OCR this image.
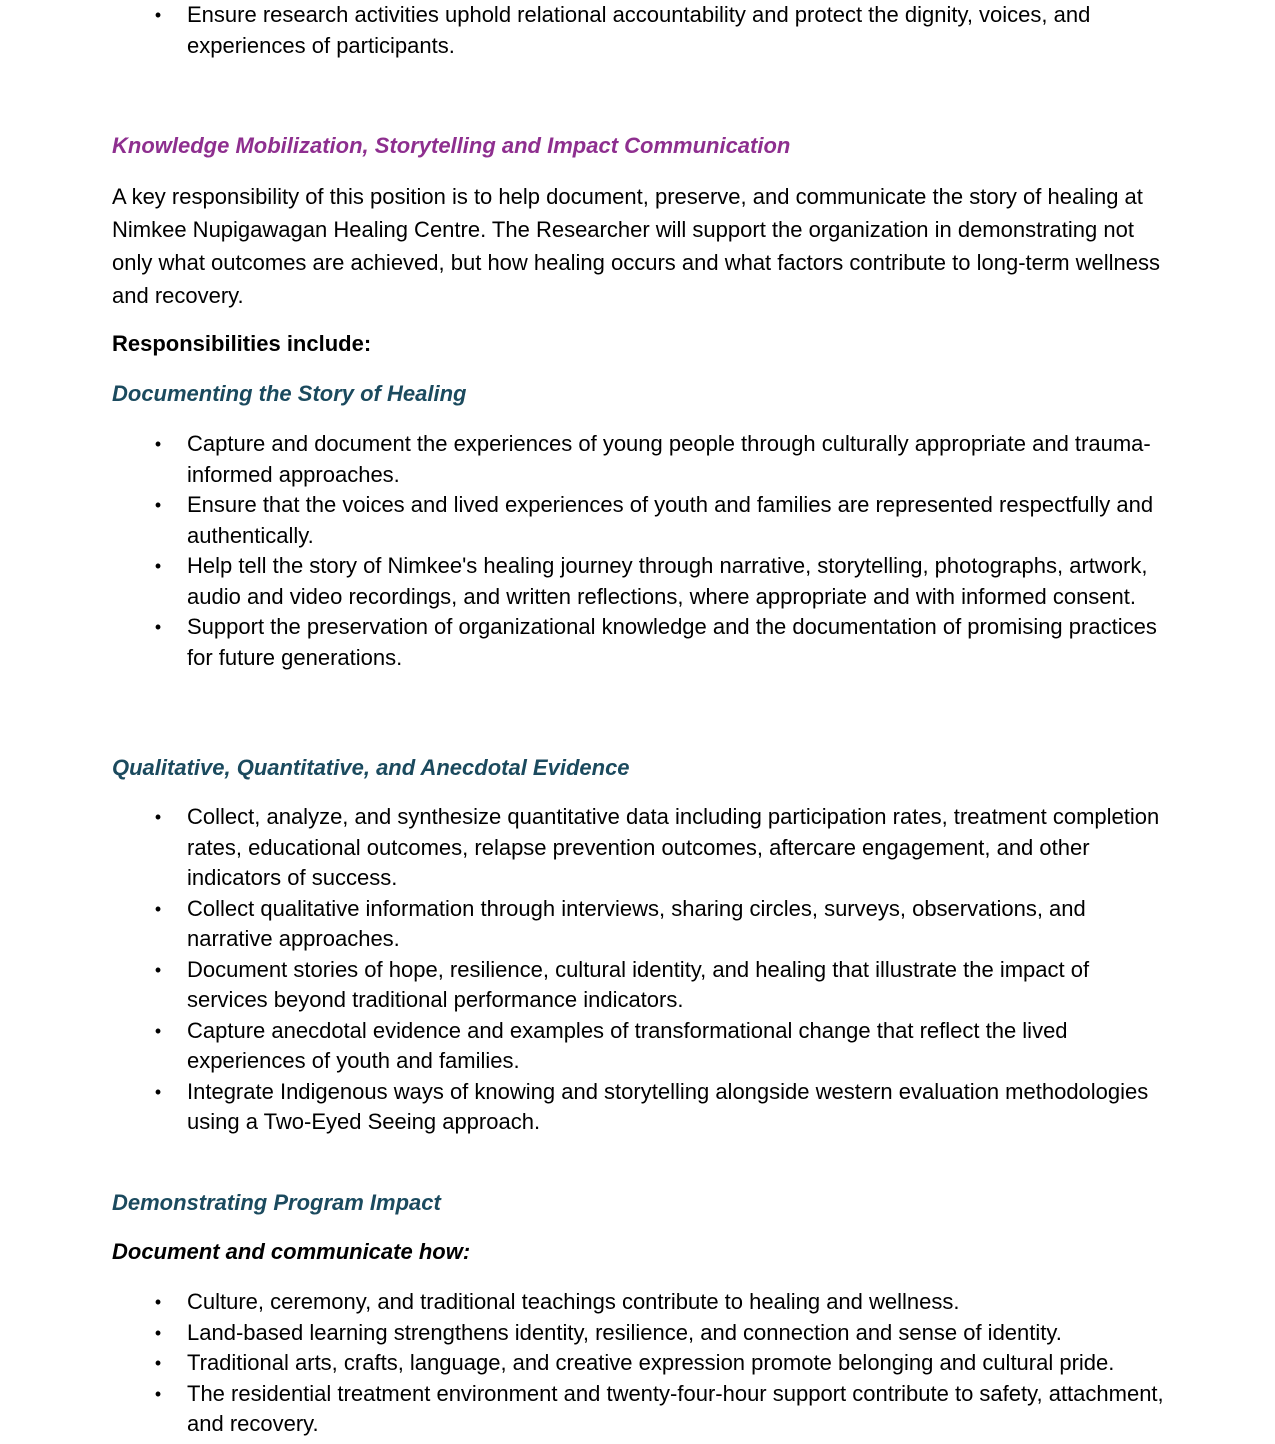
• Ensure research activities uphold relational accountability and protect the dignity, voices, and experiences of participants.
Knowledge Mobilization, Storytelling and Impact Communication

A key responsibility of this position is to help document, preserve, and communicate the story of healing at Nimkee Nupigawagan Healing Centre. The Researcher will support the organization in demonstrating not only what outcomes are achieved, but how healing occurs and what factors contribute to long-term wellness and recovery.

Responsibilities include:

Documenting the Story of Healing
• Capture and document the experiences of young people through culturally appropriate and trauma-informed approaches.
• Ensure that the voices and lived experiences of youth and families are represented respectfully and authentically.
• Help tell the story of Nimkee's healing journey through narrative, storytelling, photographs, artwork, audio and video recordings, and written reflections, where appropriate and with informed consent.
• Support the preservation of organizational knowledge and the documentation of promising practices for future generations.
Qualitative, Quantitative, and Anecdotal Evidence
• Collect, analyze, and synthesize quantitative data including participation rates, treatment completion rates, educational outcomes, relapse prevention outcomes, aftercare engagement, and other indicators of success.
• Collect qualitative information through interviews, sharing circles, surveys, observations, and narrative approaches.
• Document stories of hope, resilience, cultural identity, and healing that illustrate the impact of services beyond traditional performance indicators.
• Capture anecdotal evidence and examples of transformational change that reflect the lived experiences of youth and families.
• Integrate Indigenous ways of knowing and storytelling alongside western evaluation methodologies using a Two-Eyed Seeing approach.
Demonstrating Program Impact

Document and communicate how:

• Culture, ceremony, and traditional teachings contribute to healing and wellness.
• Land-based learning strengthens identity, resilience, and connection and sense of identity.
• Traditional arts, crafts, language, and creative expression promote belonging and cultural pride.
• The residential treatment environment and twenty-four-hour support contribute to safety, attachment, and recovery.
